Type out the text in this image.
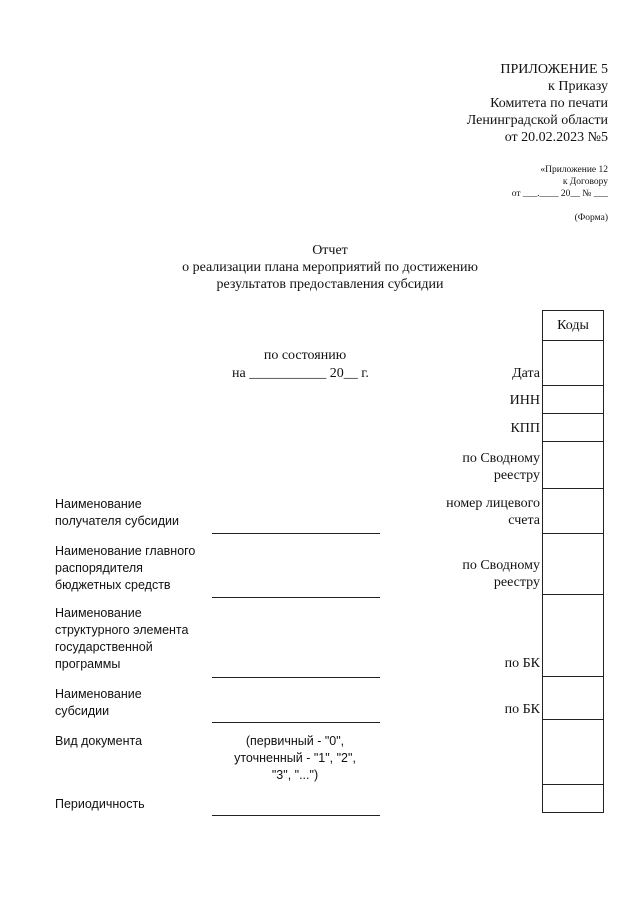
ПРИЛОЖЕНИЕ 5
к Приказу
Комитета по печати
Ленинградской области
от 20.02.2023 №5
«Приложение 12
к Договору
от ___.____ 20__ № ___
(Форма)
Отчет
о реализации плана мероприятий по достижению
результатов предоставления субсидии
по состоянию
на ___________ 20__ г.
Коды
Дата
ИНН
КПП
по Сводному
реестру
номер лицевого
счета
по Сводному
реестру
по БК
по БК
Наименование
получателя субсидии
Наименование главного
распорядителя
бюджетных средств
Наименование
структурного элемента
государственной
программы
Наименование
субсидии
Вид документа	(первичный - "0",
уточненный - "1", "2",
"3", "...")
Периодичность
